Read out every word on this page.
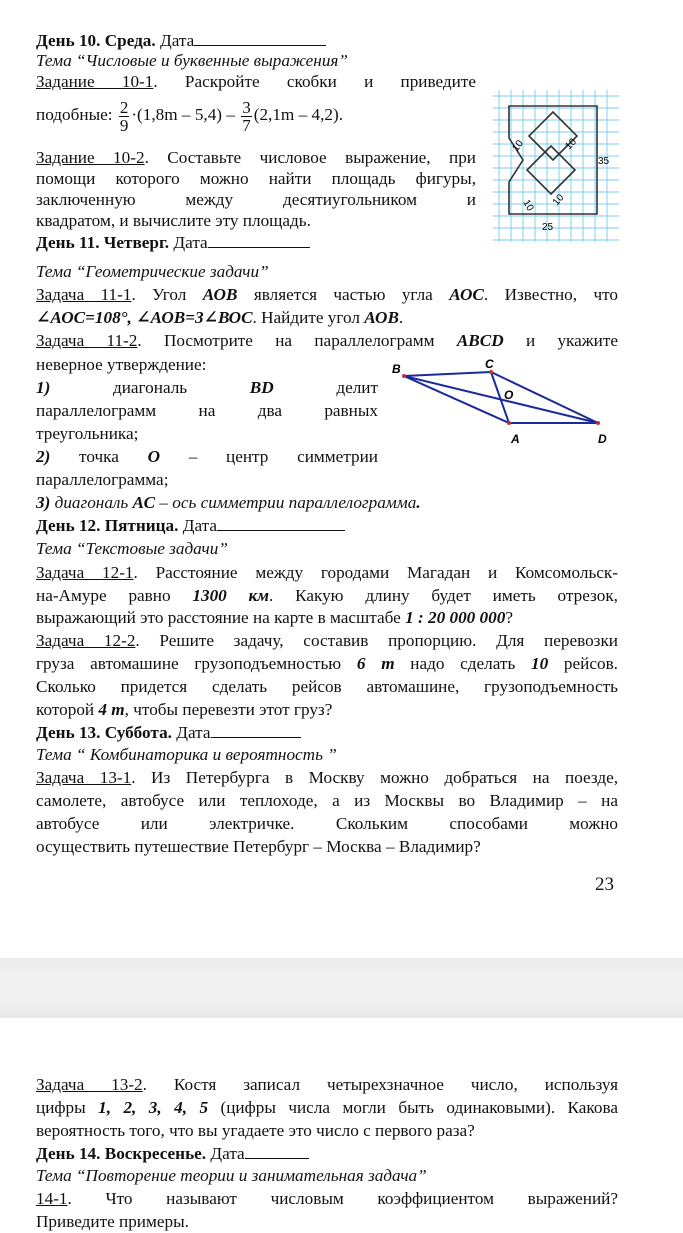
День 10. Среда. Дата
Тема “Числовые и буквенные выражения”
Задание 10-1. Раскройте скобки и приведите
подобные: $\frac{2}{9} \cdot(1,8m - 5,4) - \frac{3}{7} (2,1m - 4,2)$.
Задание 10-2. Составьте числовое выражение, при
помощи которого можно найти площадь фигуры,
заключенную между десятиугольником и
квадратом, и вычислите эту площадь.
10	10
10 10
35
25
День 11. Четверг. Дата
Тема “Геометрические задачи”
Задача 11-1. Угол АОВ является частью угла АОС. Известно, что
∠АОС=108°, ∠АОВ=3∠ВОС. Найдите угол АОВ.
Задача 11-2. Посмотрите на параллелограмм ABCD и укажите
неверное утверждение:
1)	диагональ	BD	делит
параллелограмм на два равных
треугольника;
2) точка O – центр симметрии
параллелограмма;
3) диагональ АС – ось симметрии параллелограмма.
B	C
O
A	D
День 12. Пятница. Дата
Тема “Текстовые задачи”
Задача 12-1. Расстояние между городами Магадан и Комсомольск-
на-Амуре равно 1300 км. Какую длину будет иметь отрезок,
выражающий это расстояние на карте в масштабе 1 : 20 000 000?
Задача 12-2. Решите задачу, составив пропорцию. Для перевозки
груза автомашине грузоподъемностью 6 т надо сделать 10 рейсов.
Сколько придется сделать рейсов автомашине, грузоподъемность
которой 4 т, чтобы перевезти этот груз?
День 13. Суббота. Дата
Тема “ Комбинаторика и вероятность ”
Задача 13-1. Из Петербурга в Москву можно добраться на поезде,
самолете, автобусе или теплоходе, а из Москвы во Владимир – на
автобусе или электричке. Скольким способами можно
осуществить путешествие Петербург – Москва – Владимир?
23
Задача 13-2. Костя записал четырехзначное число, используя
цифры 1, 2, 3, 4, 5 (цифры числа могли быть одинаковыми). Какова
вероятность того, что вы угадаете это число с первого раза?
День 14. Воскресенье. Дата
Тема “Повторение теории и занимательная задача”
14-1. Что называют числовым коэффициентом выражений?
Приведите примеры.
